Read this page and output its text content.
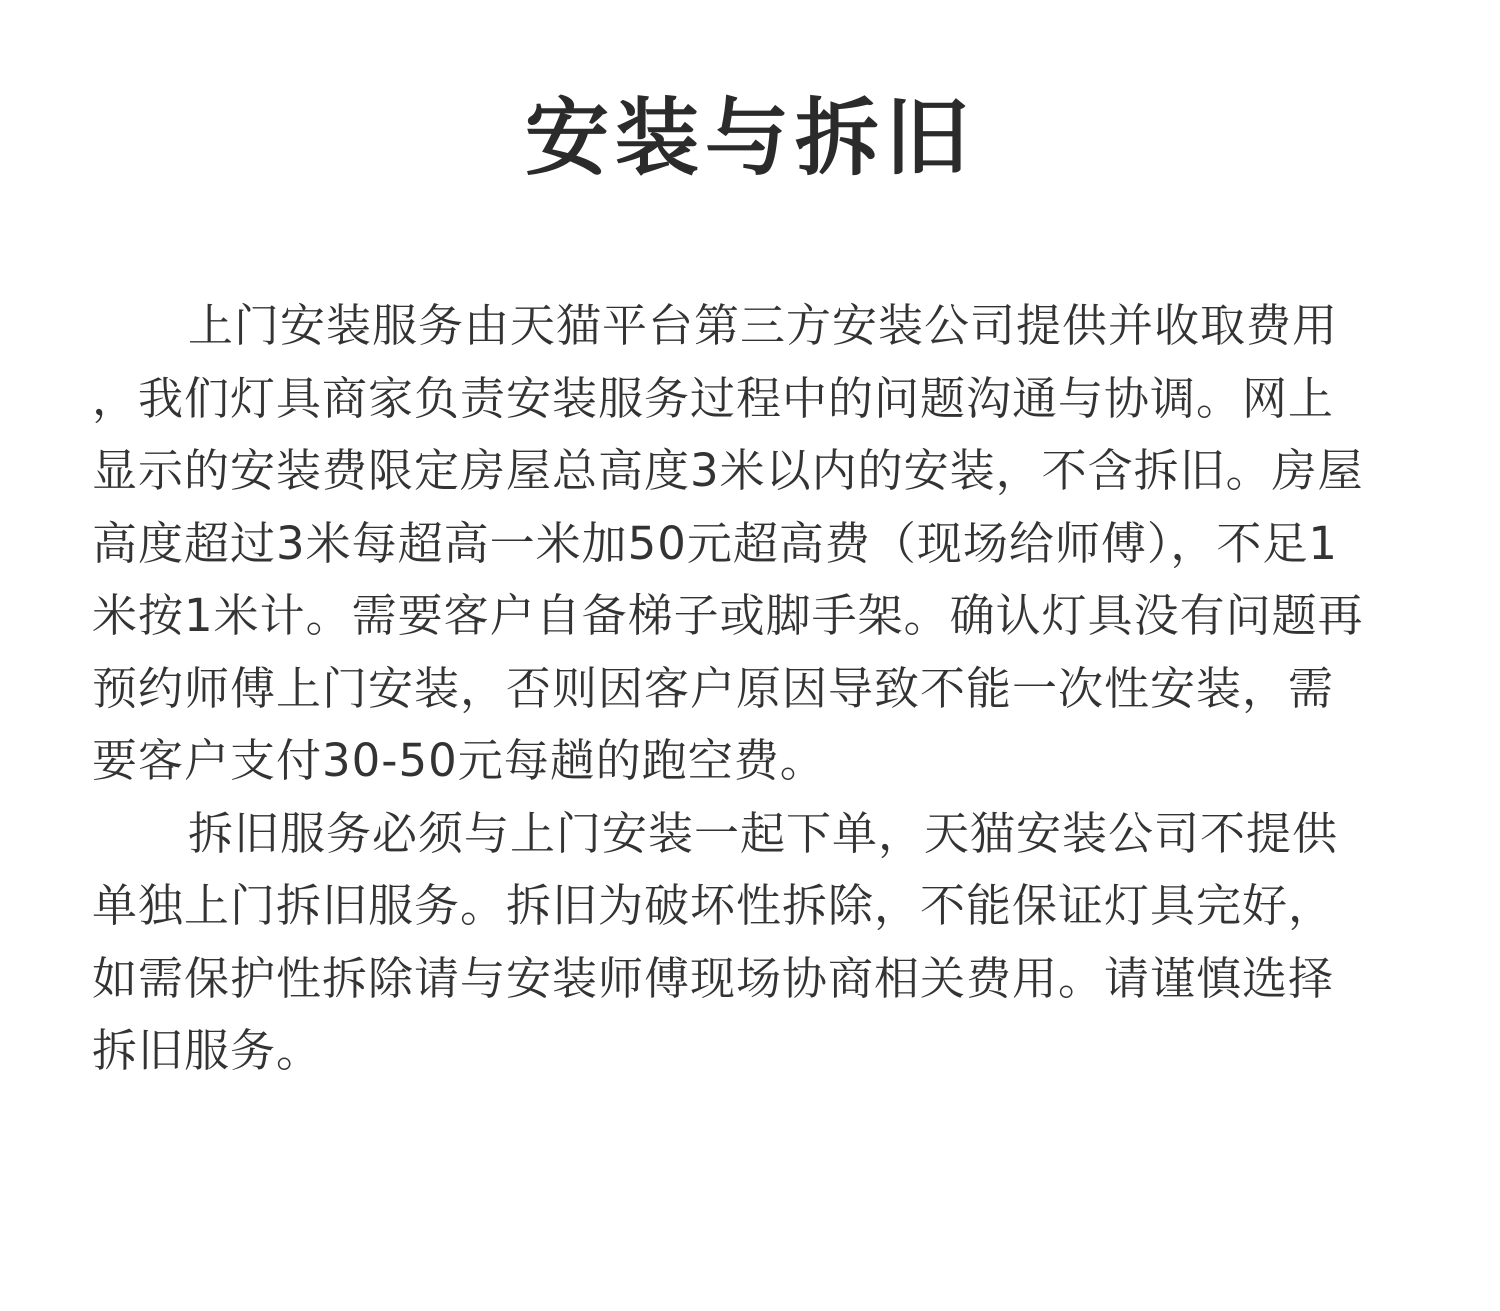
安装与拆旧
上门安装服务由天猫平台第三方安装公司提供并收取费用
，我们灯具商家负责安装服务过程中的问题沟通与协调。网上
显示的安装费限定房屋总高度3米以内的安装，不含拆旧。房屋
高度超过3米每超高一米加50元超高费（现场给师傅），不足1
米按1米计。需要客户自备梯子或脚手架。确认灯具没有问题再
预约师傅上门安装，否则因客户原因导致不能一次性安装，需
要客户支付30-50元每趟的跑空费。
拆旧服务必须与上门安装一起下单，天猫安装公司不提供
单独上门拆旧服务。拆旧为破坏性拆除，不能保证灯具完好，
如需保护性拆除请与安装师傅现场协商相关费用。请谨慎选择
拆旧服务。
